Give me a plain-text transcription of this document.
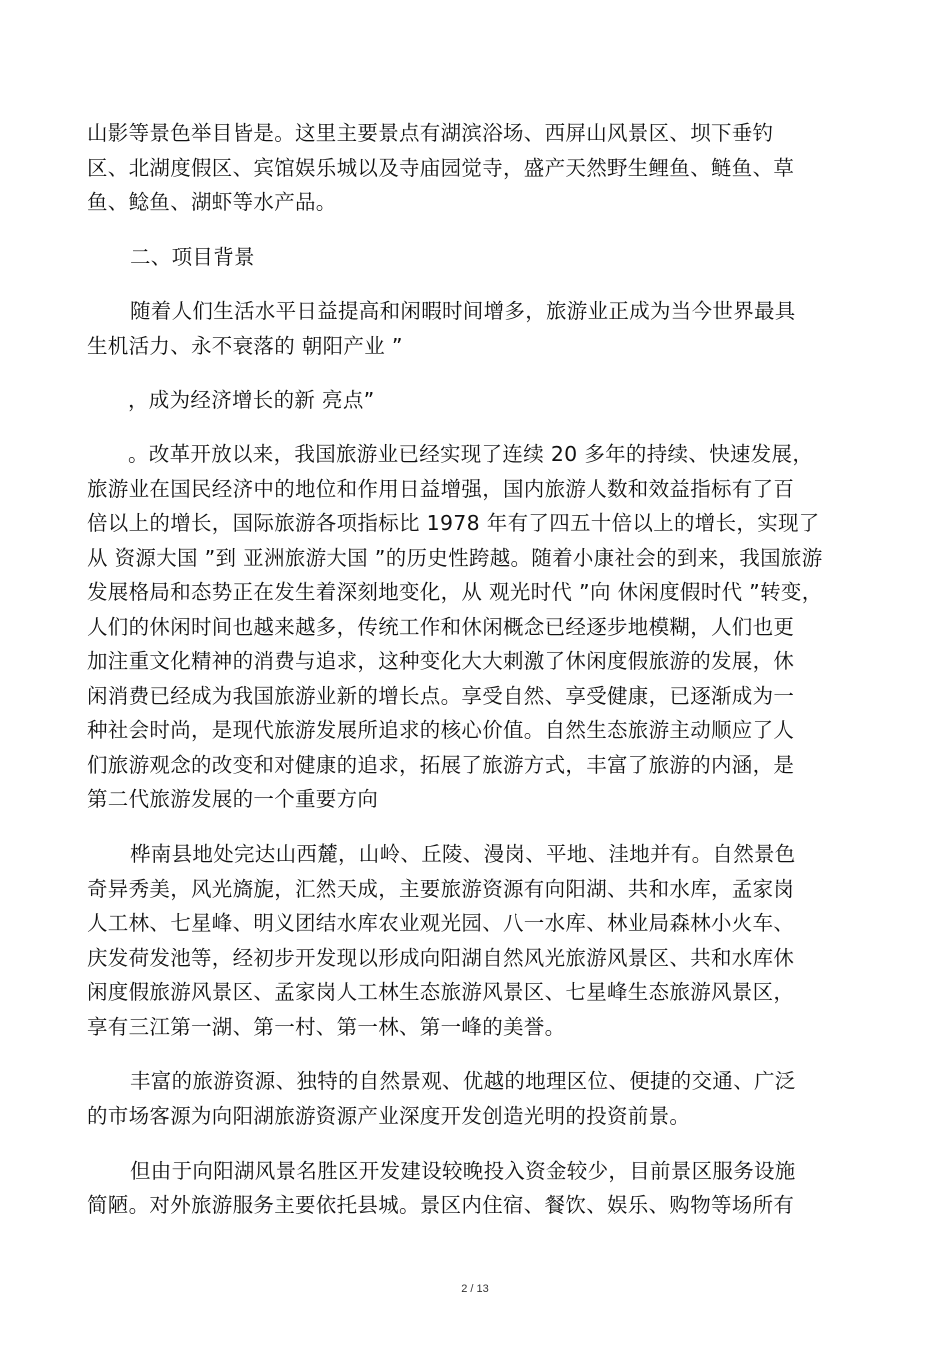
山影等景色举目皆是。这里主要景点有湖滨浴场、西屏山风景区、坝下垂钓
区、北湖度假区、宾馆娱乐城以及寺庙园觉寺，盛产天然野生鲤鱼、鲢鱼、草
鱼、鲶鱼、湖虾等水产品。
二、项目背景
随着人们生活水平日益提高和闲暇时间增多，旅游业正成为当今世界最具
生机活力、永不衰落的 朝阳产业 ”
，成为经济增长的新 亮点”
。改革开放以来，我国旅游业已经实现了连续 20 多年的持续、快速发展，
旅游业在国民经济中的地位和作用日益增强，国内旅游人数和效益指标有了百
倍以上的增长，国际旅游各项指标比 1978 年有了四五十倍以上的增长，实现了
从 资源大国 ”到 亚洲旅游大国 ”的历史性跨越。随着小康社会的到来，我国旅游
发展格局和态势正在发生着深刻地变化，从 观光时代 ”向 休闲度假时代 ”转变，
人们的休闲时间也越来越多，传统工作和休闲概念已经逐步地模糊，人们也更
加注重文化精神的消费与追求，这种变化大大刺激了休闲度假旅游的发展，休
闲消费已经成为我国旅游业新的增长点。享受自然、享受健康，已逐渐成为一
种社会时尚，是现代旅游发展所追求的核心价值。自然生态旅游主动顺应了人
们旅游观念的改变和对健康的追求，拓展了旅游方式，丰富了旅游的内涵，是
第二代旅游发展的一个重要方向
桦南县地处完达山西麓，山岭、丘陵、漫岗、平地、洼地并有。自然景色
奇异秀美，风光旖旎，汇然天成，主要旅游资源有向阳湖、共和水库，孟家岗
人工林、七星峰、明义团结水库农业观光园、八一水库、林业局森林小火车、
庆发荷发池等，经初步开发现以形成向阳湖自然风光旅游风景区、共和水库休
闲度假旅游风景区、孟家岗人工林生态旅游风景区、七星峰生态旅游风景区，
享有三江第一湖、第一村、第一林、第一峰的美誉。
丰富的旅游资源、独特的自然景观、优越的地理区位、便捷的交通、广泛
的市场客源为向阳湖旅游资源产业深度开发创造光明的投资前景。
但由于向阳湖风景名胜区开发建设较晚投入资金较少，目前景区服务设施
简陋。对外旅游服务主要依托县城。景区内住宿、餐饮、娱乐、购物等场所有
2 / 13
